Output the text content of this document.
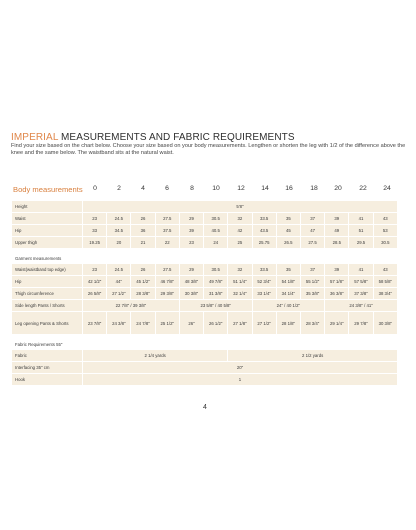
IMPERIAL MEASUREMENTS AND FABRIC REQUIREMENTS
Find your size based on the chart below. Choose your size based on your body measurements. Lengthen or shorten the leg with 1/2 of the difference above the knee and the same below. The waistband sits at the natural waist.
Body measurements	0	2	4	6	8	10	12	14	16	18	20	22	24
Height	5'8"												
Waist	23	24.5	26	27.5	29	30.5	32	33.5	35	37	39	41	43
Hip	33	34.5	36	37.5	39	40.5	42	43.5	45	47	49	51	53
Upper thigh	19.25	20	21	22	23	24	25	25.75	26.5	27.5	28.5	29.5	30.5

Garment measurements													
Waist(waistband top edge)	23	24.5	26	27.5	29	30.5	32	33.5	35	37	39	41	43
Hip	42 1/2"	44"	45 1/2"	46 7/8"	48 3/8"	49 7/8"	51 1/4"	52 3/4"	54 1/8"	55 1/2"	57 1/8"	57 5/8"	58 5/8"
Thigh circumference	26 5/8"	27 1/2"	28 3/8"	29 3/8"	30 3/8"	31 3/8"	32 1/4"	33 1/4"	34 1/4"	35 3/8"	36 3/8"	37 3/8"	38 3/4"
Side length Pants / Shorts	22 7/8" / 39 3/8"				23 5/8" / 40 5/8"			24" / 40 1/2"			24 3/8" / 41"		
Leg opening Pants & Shorts	23 7/8"	24 3/8"	24 7/8"	25 1/2"	26"	26 1/2"	27 1/8"	27 1/2"	28 1/8"	28 3/4"	29 1/4"	29 7/8"	30 3/8"

Fabric Requirements 55"													
Fabric	2 1/4 yards						2 1/2 yards						
Interfacing 35" cm	20"												
Hook	1												
4
